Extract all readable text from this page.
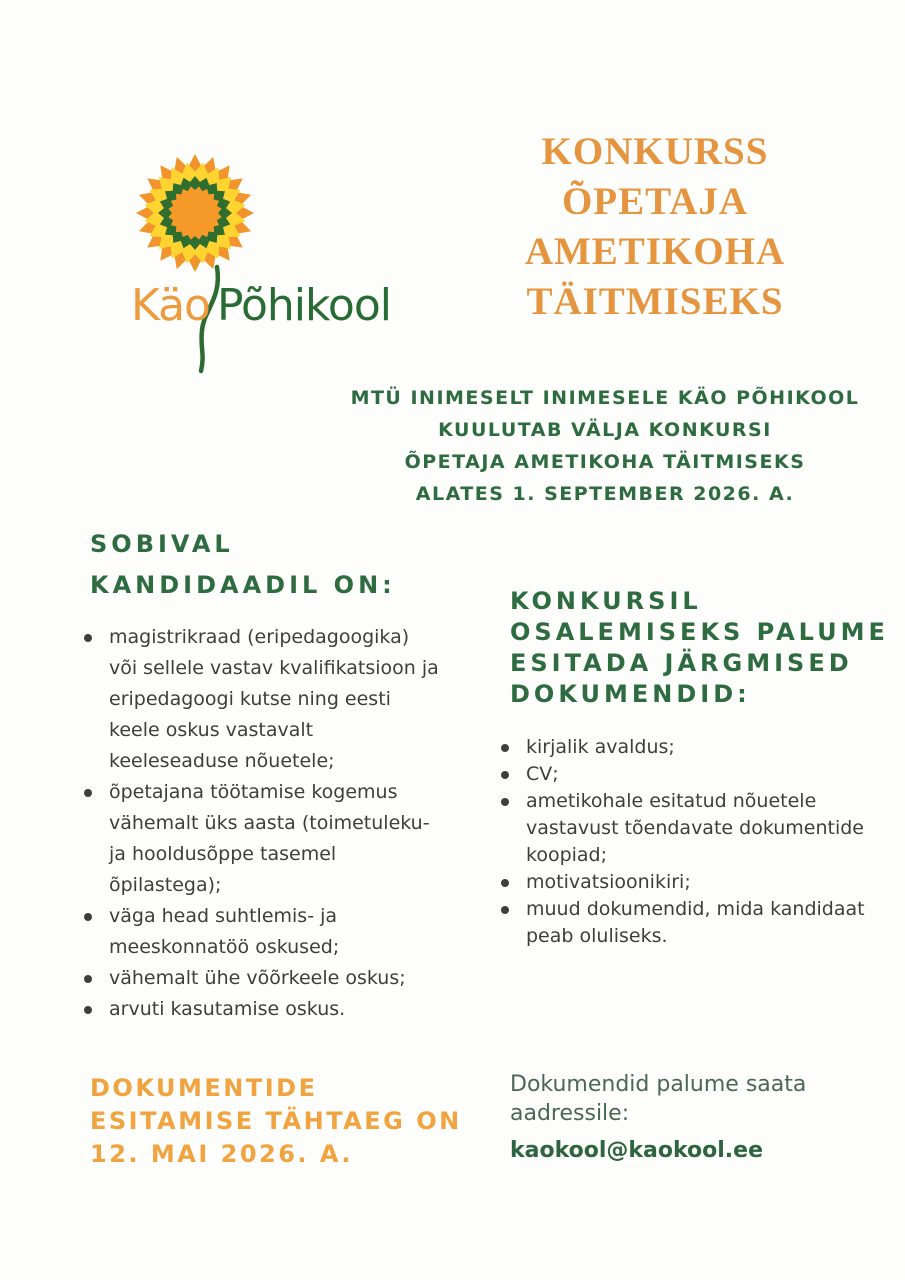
Käo Põhikool
KONKURSS
ÕPETAJA
AMETIKOHA
TÄITMISEKS
MTÜ INIMESELT INIMESELE KÄO PÕHIKOOL
KUULUTAB VÄLJA KONKURSI
ÕPETAJA AMETIKOHA TÄITMISEKS
ALATES 1. SEPTEMBER 2026. A.
SOBIVAL
KANDIDAADIL ON:
magistrikraad (eripedagoogika)
või sellele vastav kvalifikatsioon ja
eripedagoogi kutse ning eesti
keele oskus vastavalt
keeleseaduse nõuetele;
õpetajana töötamise kogemus
vähemalt üks aasta (toimetuleku-
ja hooldusõppe tasemel
õpilastega);
väga head suhtlemis- ja
meeskonnatöö oskused;
vähemalt ühe võõrkeele oskus;
arvuti kasutamise oskus.
KONKURSIL
OSALEMISEKS PALUME
ESITADA JÄRGMISED
DOKUMENDID:
kirjalik avaldus;
CV;
ametikohale esitatud nõuetele
vastavust tõendavate dokumentide
koopiad;
motivatsioonikiri;
muud dokumendid, mida kandidaat
peab oluliseks.
DOKUMENTIDE
ESITAMISE TÄHTAEG ON
12. MAI 2026. A.
Dokumendid palume saata
aadressile:
kaokool@kaokool.ee
